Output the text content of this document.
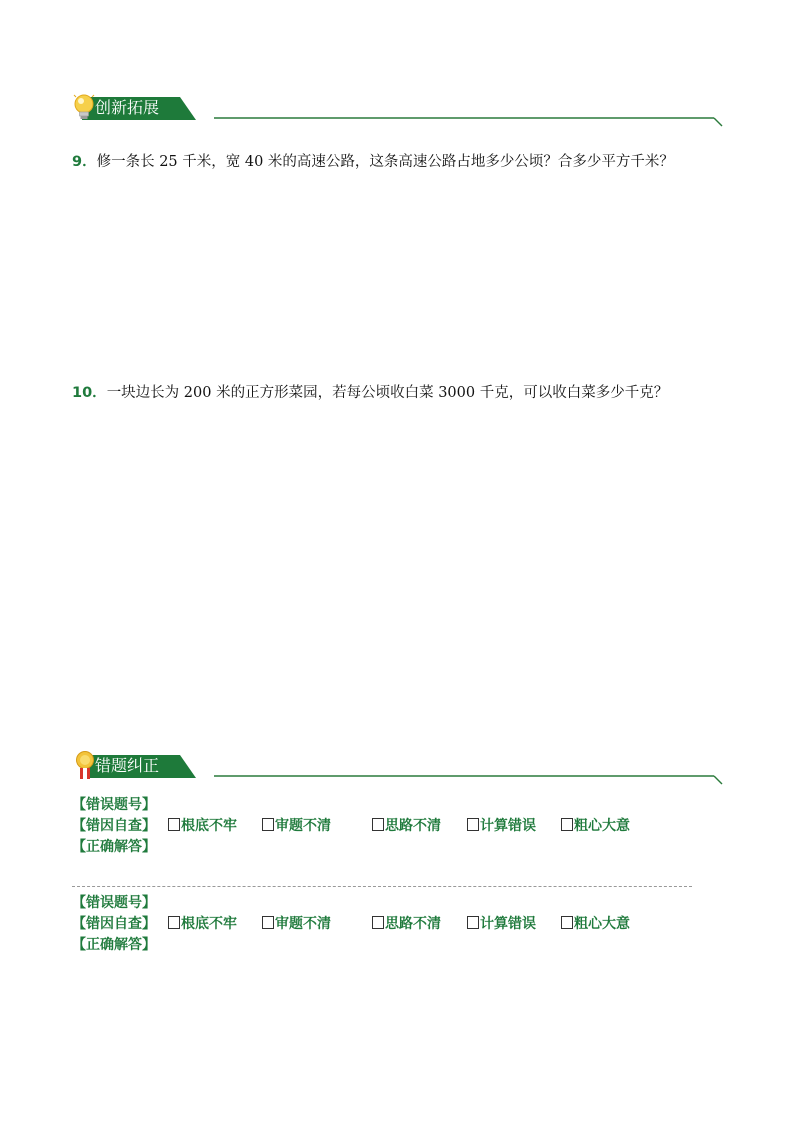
创新拓展
9．修一条长 25 千米，宽 40 米的高速公路，这条高速公路占地多少公顷？合多少平方千米？
10．一块边长为 200 米的正方形菜园，若每公顷收白菜 3000 千克，可以收白菜多少千克？
错题纠正
【错误题号】
【错因自查】	根底不牢	审题不清	思路不清	计算错误	粗心大意
【正确解答】
【错误题号】
【错因自查】	根底不牢	审题不清	思路不清	计算错误	粗心大意
【正确解答】
